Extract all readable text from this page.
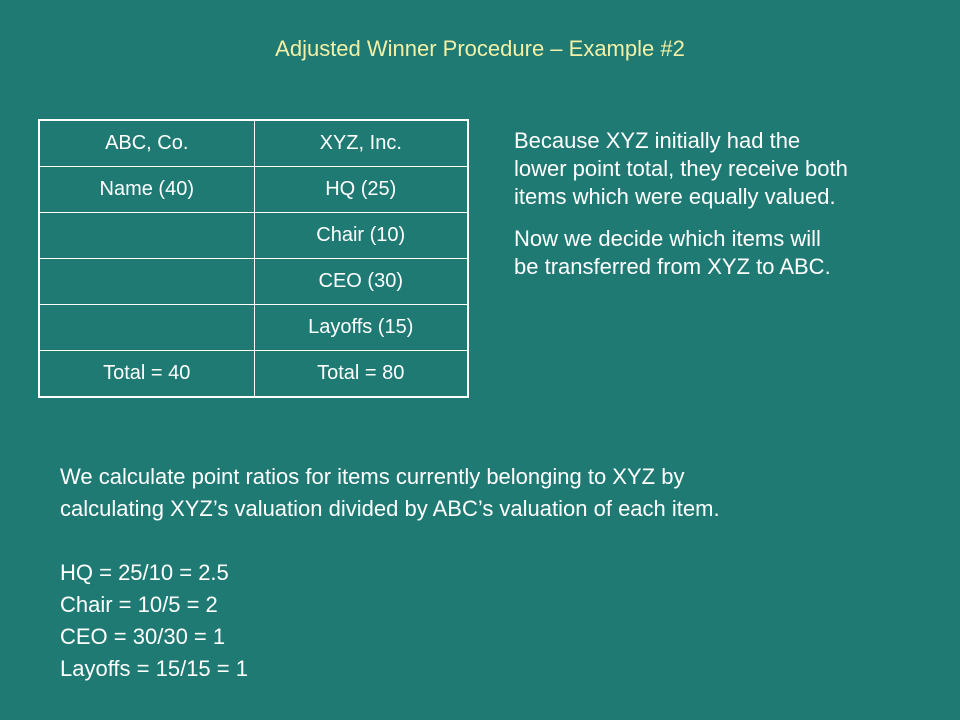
Adjusted Winner Procedure – Example #2
ABC, Co.	XYZ, Inc.
Name (40)	HQ (25)
	Chair (10)
	CEO (30)
	Layoffs (15)
Total = 40	Total = 80

Because XYZ initially had the
lower point total, they receive both
items which were equally valued.

Now we decide which items will
be transferred from XYZ to ABC.

We calculate point ratios for items currently belonging to XYZ by

calculating XYZ’s valuation divided by ABC’s valuation of each item.

HQ = 25/10 = 2.5

Chair = 10/5 = 2

CEO = 30/30 = 1

Layoffs = 15/15 = 1
